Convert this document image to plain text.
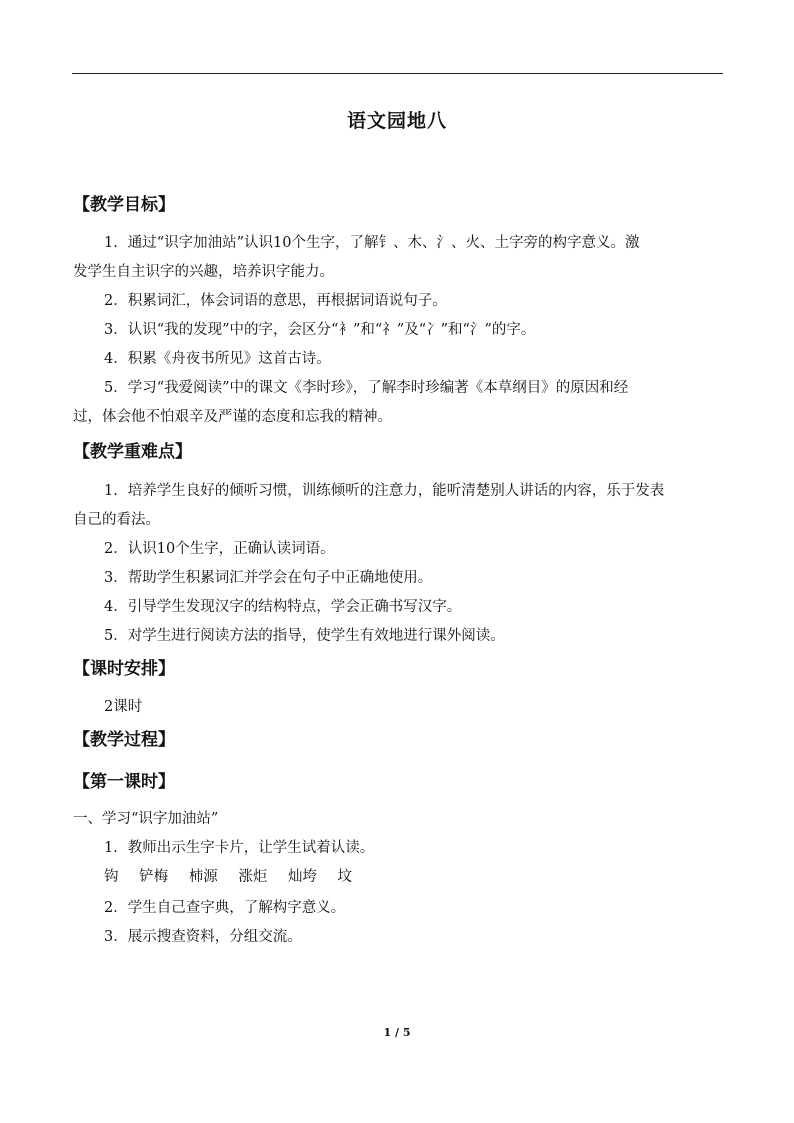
语文园地八
【教学目标】
1．通过“识字加油站”认识10个生字，了解钅、木、氵、火、土字旁的构字意义。激
发学生自主识字的兴趣，培养识字能力。
2．积累词汇，体会词语的意思，再根据词语说句子。
3．认识“我的发现”中的字，会区分“衤”和“礻”及“冫”和“氵”的字。
4．积累《舟夜书所见》这首古诗。
5．学习“我爱阅读”中的课文《李时珍》，了解李时珍编著《本草纲目》的原因和经
过，体会他不怕艰辛及严谨的态度和忘我的精神。
【教学重难点】
1．培养学生良好的倾听习惯，训练倾听的注意力，能听清楚别人讲话的内容，乐于发表
自己的看法。
2．认识10个生字，正确认读词语。
3．帮助学生积累词汇并学会在句子中正确地使用。
4．引导学生发现汉字的结构特点，学会正确书写汉字。
5．对学生进行阅读方法的指导，使学生有效地进行课外阅读。
【课时安排】
2课时
【教学过程】
【第一课时】
一、学习“识字加油站”
1．教师出示生字卡片，让学生试着认读。
钩 铲梅 柿源 涨炬 灿垮 坟
2．学生自己查字典，了解构字意义。
3．展示搜查资料，分组交流。
1 / 5
